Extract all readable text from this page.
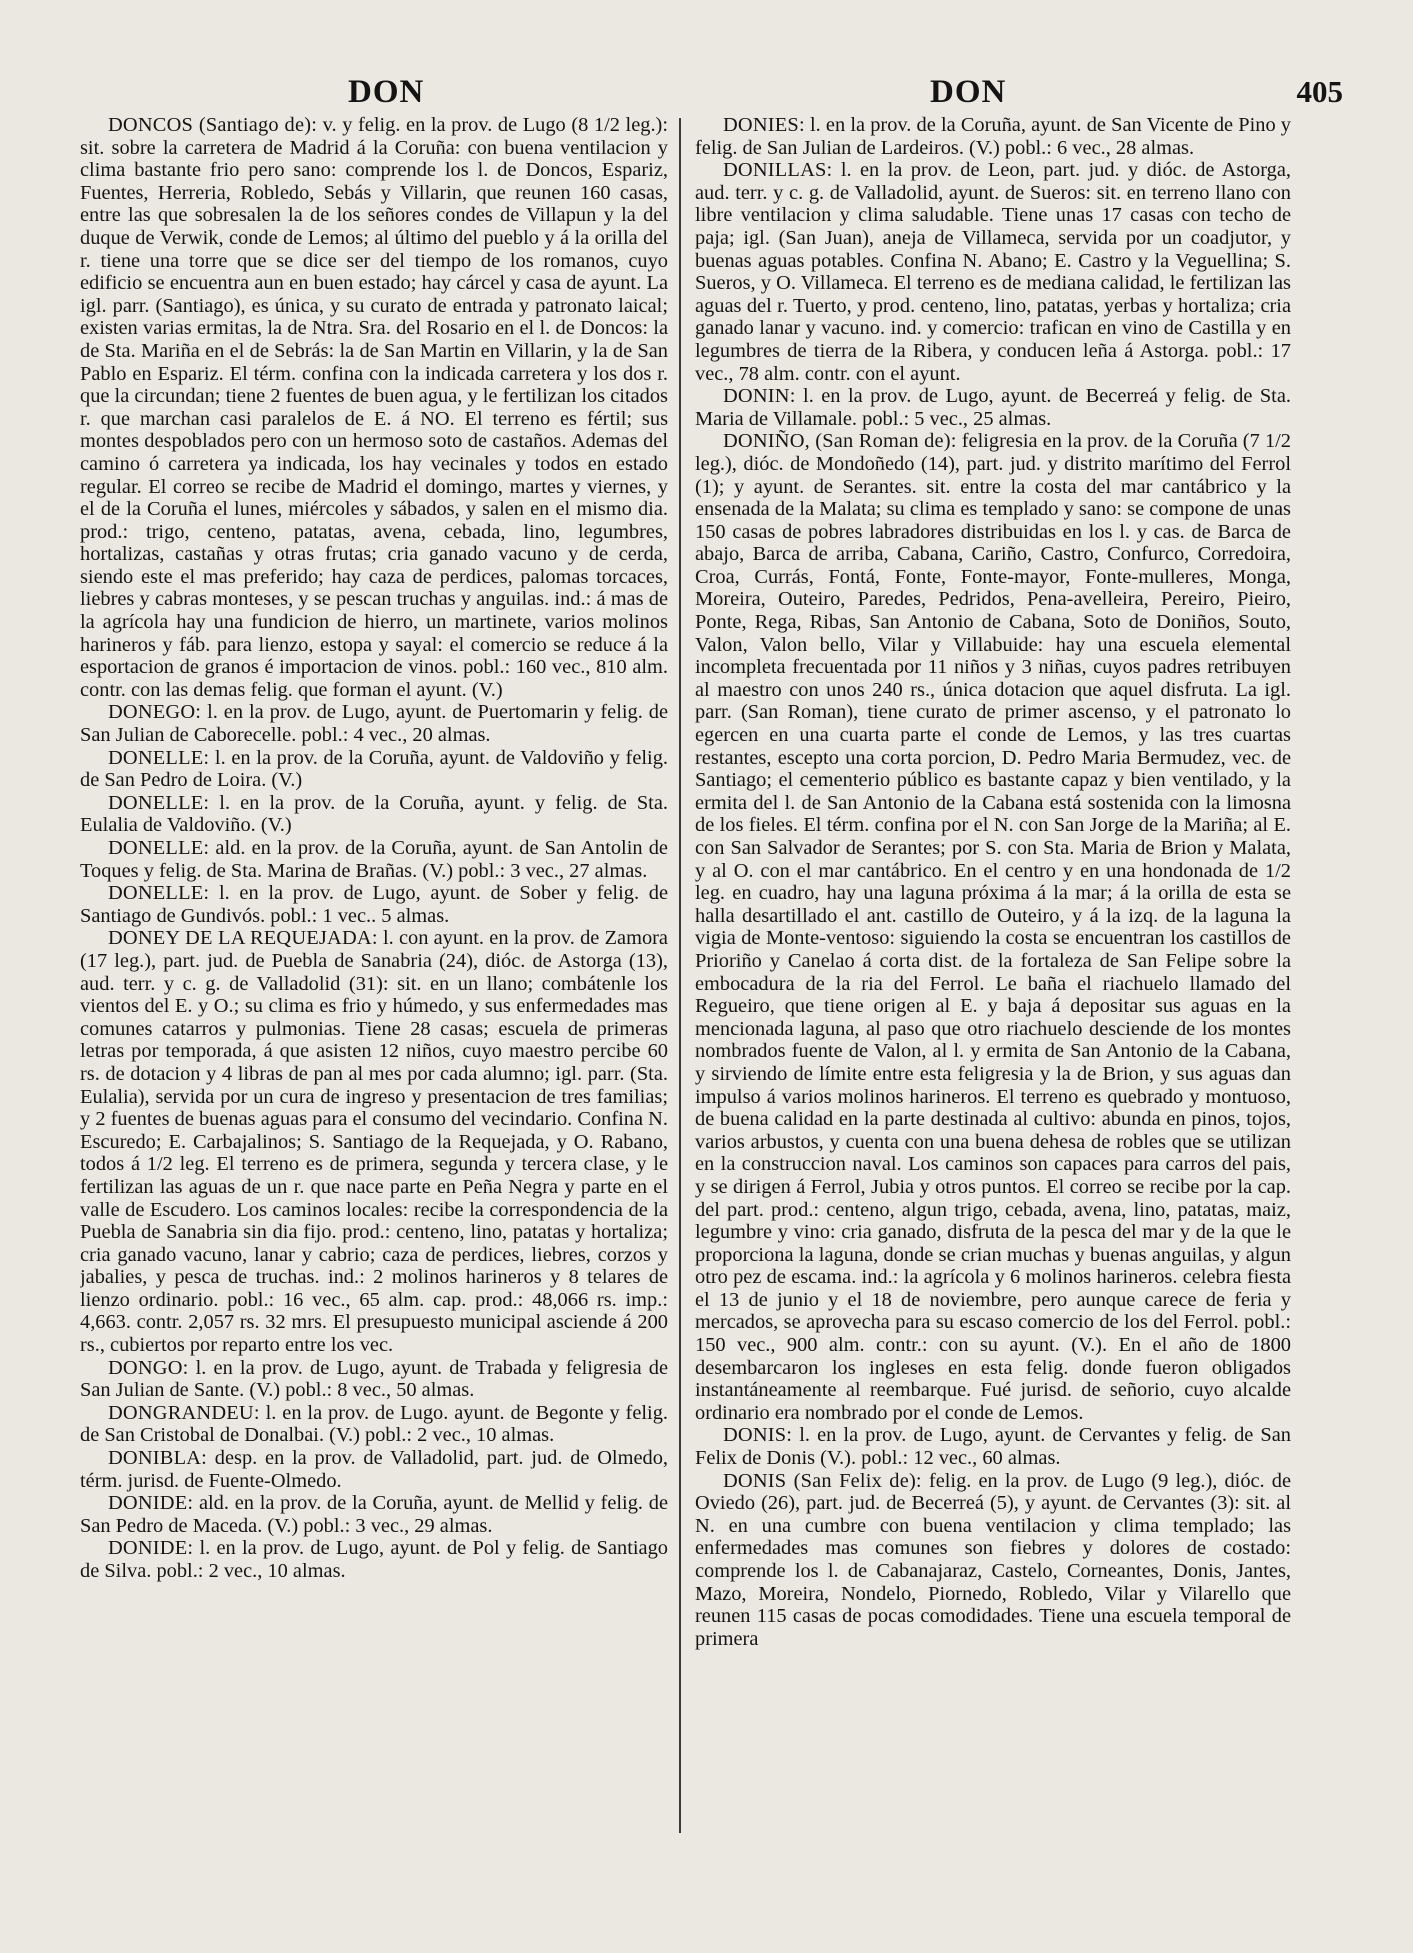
DON	DON	405

DONCOS (Santiago de): v. y felig. en la prov. de Lugo (8 1/2 leg.): sit. sobre la carretera de Madrid á la Coruña: con buena ventilacion y clima bastante frio pero sano: comprende los l. de Doncos, Espariz, Fuentes, Herreria, Robledo, Sebás y Villarin, que reunen 160 casas, entre las que sobresalen la de los señores condes de Villapun y la del duque de Verwik, conde de Lemos; al último del pueblo y á la orilla del r. tiene una torre que se dice ser del tiempo de los romanos, cuyo edificio se encuentra aun en buen estado; hay cárcel y casa de ayunt. La igl. parr. (Santiago), es única, y su curato de entrada y patronato laical; existen varias ermitas, la de Ntra. Sra. del Rosario en el l. de Doncos: la de Sta. Mariña en el de Sebrás: la de San Martin en Villarin, y la de San Pablo en Espariz. El térm. confina con la indicada carretera y los dos r. que la circundan; tiene 2 fuentes de buen agua, y le fertilizan los citados r. que marchan casi paralelos de E. á NO. El terreno es fértil; sus montes despoblados pero con un hermoso soto de castaños. Ademas del camino ó carretera ya indicada, los hay vecinales y todos en estado regular. El correo se recibe de Madrid el domingo, martes y viernes, y el de la Coruña el lunes, miércoles y sábados, y salen en el mismo dia. prod.: trigo, centeno, patatas, avena, cebada, lino, legumbres, hortalizas, castañas y otras frutas; cria ganado vacuno y de cerda, siendo este el mas preferido; hay caza de perdices, palomas torcaces, liebres y cabras monteses, y se pescan truchas y anguilas. ind.: á mas de la agrícola hay una fundicion de hierro, un martinete, varios molinos harineros y fáb. para lienzo, estopa y sayal: el comercio se reduce á la esportacion de granos é importacion de vinos. pobl.: 160 vec., 810 alm. contr. con las demas felig. que forman el ayunt. (V.)

DONEGO: l. en la prov. de Lugo, ayunt. de Puertomarin y felig. de San Julian de Caborecelle. pobl.: 4 vec., 20 almas.

DONELLE: l. en la prov. de la Coruña, ayunt. de Valdoviño y felig. de San Pedro de Loira. (V.)

DONELLE: l. en la prov. de la Coruña, ayunt. y felig. de Sta. Eulalia de Valdoviño. (V.)

DONELLE: ald. en la prov. de la Coruña, ayunt. de San Antolin de Toques y felig. de Sta. Marina de Brañas. (V.) pobl.: 3 vec., 27 almas.

DONELLE: l. en la prov. de Lugo, ayunt. de Sober y felig. de Santiago de Gundivós. pobl.: 1 vec.. 5 almas.

DONEY DE LA REQUEJADA: l. con ayunt. en la prov. de Zamora (17 leg.), part. jud. de Puebla de Sanabria (24), dióc. de Astorga (13), aud. terr. y c. g. de Valladolid (31): sit. en un llano; combátenle los vientos del E. y O.; su clima es frio y húmedo, y sus enfermedades mas comunes catarros y pulmonias. Tiene 28 casas; escuela de primeras letras por temporada, á que asisten 12 niños, cuyo maestro percibe 60 rs. de dotacion y 4 libras de pan al mes por cada alumno; igl. parr. (Sta. Eulalia), servida por un cura de ingreso y presentacion de tres familias; y 2 fuentes de buenas aguas para el consumo del vecindario. Confina N. Escuredo; E. Carbajalinos; S. Santiago de la Requejada, y O. Rabano, todos á 1/2 leg. El terreno es de primera, segunda y tercera clase, y le fertilizan las aguas de un r. que nace parte en Peña Negra y parte en el valle de Escudero. Los caminos locales: recibe la correspondencia de la Puebla de Sanabria sin dia fijo. prod.: centeno, lino, patatas y hortaliza; cria ganado vacuno, lanar y cabrio; caza de perdices, liebres, corzos y jabalies, y pesca de truchas. ind.: 2 molinos harineros y 8 telares de lienzo ordinario. pobl.: 16 vec., 65 alm. cap. prod.: 48,066 rs. imp.: 4,663. contr. 2,057 rs. 32 mrs. El presupuesto municipal asciende á 200 rs., cubiertos por reparto entre los vec.

DONGO: l. en la prov. de Lugo, ayunt. de Trabada y feligresia de San Julian de Sante. (V.) pobl.: 8 vec., 50 almas.

DONGRANDEU: l. en la prov. de Lugo. ayunt. de Begonte y felig. de San Cristobal de Donalbai. (V.) pobl.: 2 vec., 10 almas.

DONIBLA: desp. en la prov. de Valladolid, part. jud. de Olmedo, térm. jurisd. de Fuente-Olmedo.

DONIDE: ald. en la prov. de la Coruña, ayunt. de Mellid y felig. de San Pedro de Maceda. (V.) pobl.: 3 vec., 29 almas.

DONIDE: l. en la prov. de Lugo, ayunt. de Pol y felig. de Santiago de Silva. pobl.: 2 vec., 10 almas.

DONIES: l. en la prov. de la Coruña, ayunt. de San Vicente de Pino y felig. de San Julian de Lardeiros. (V.) pobl.: 6 vec., 28 almas.

DONILLAS: l. en la prov. de Leon, part. jud. y dióc. de Astorga, aud. terr. y c. g. de Valladolid, ayunt. de Sueros: sit. en terreno llano con libre ventilacion y clima saludable. Tiene unas 17 casas con techo de paja; igl. (San Juan), aneja de Villameca, servida por un coadjutor, y buenas aguas potables. Confina N. Abano; E. Castro y la Veguellina; S. Sueros, y O. Villameca. El terreno es de mediana calidad, le fertilizan las aguas del r. Tuerto, y prod. centeno, lino, patatas, yerbas y hortaliza; cria ganado lanar y vacuno. ind. y comercio: trafican en vino de Castilla y en legumbres de tierra de la Ribera, y conducen leña á Astorga. pobl.: 17 vec., 78 alm. contr. con el ayunt.

DONIN: l. en la prov. de Lugo, ayunt. de Becerreá y felig. de Sta. Maria de Villamale. pobl.: 5 vec., 25 almas.

DONIÑO, (San Roman de): feligresia en la prov. de la Coruña (7 1/2 leg.), dióc. de Mondoñedo (14), part. jud. y distrito marítimo del Ferrol (1); y ayunt. de Serantes. sit. entre la costa del mar cantábrico y la ensenada de la Malata; su clima es templado y sano: se compone de unas 150 casas de pobres labradores distribuidas en los l. y cas. de Barca de abajo, Barca de arriba, Cabana, Cariño, Castro, Confurco, Corredoira, Croa, Currás, Fontá, Fonte, Fonte-mayor, Fonte-mulleres, Monga, Moreira, Outeiro, Paredes, Pedridos, Pena-avelleira, Pereiro, Pieiro, Ponte, Rega, Ribas, San Antonio de Cabana, Soto de Doniños, Souto, Valon, Valon bello, Vilar y Villabuide: hay una escuela elemental incompleta frecuentada por 11 niños y 3 niñas, cuyos padres retribuyen al maestro con unos 240 rs., única dotacion que aquel disfruta. La igl. parr. (San Roman), tiene curato de primer ascenso, y el patronato lo egercen en una cuarta parte el conde de Lemos, y las tres cuartas restantes, escepto una corta porcion, D. Pedro Maria Bermudez, vec. de Santiago; el cementerio público es bastante capaz y bien ventilado, y la ermita del l. de San Antonio de la Cabana está sostenida con la limosna de los fieles. El térm. confina por el N. con San Jorge de la Mariña; al E. con San Salvador de Serantes; por S. con Sta. Maria de Brion y Malata, y al O. con el mar cantábrico. En el centro y en una hondonada de 1/2 leg. en cuadro, hay una laguna próxima á la mar; á la orilla de esta se halla desartillado el ant. castillo de Outeiro, y á la izq. de la laguna la vigia de Monte-ventoso: siguiendo la costa se encuentran los castillos de Prioriño y Canelao á corta dist. de la fortaleza de San Felipe sobre la embocadura de la ria del Ferrol. Le baña el riachuelo llamado del Regueiro, que tiene origen al E. y baja á depositar sus aguas en la mencionada laguna, al paso que otro riachuelo desciende de los montes nombrados fuente de Valon, al l. y ermita de San Antonio de la Cabana, y sirviendo de límite entre esta feligresia y la de Brion, y sus aguas dan impulso á varios molinos harineros. El terreno es quebrado y montuoso, de buena calidad en la parte destinada al cultivo: abunda en pinos, tojos, varios arbustos, y cuenta con una buena dehesa de robles que se utilizan en la construccion naval. Los caminos son capaces para carros del pais, y se dirigen á Ferrol, Jubia y otros puntos. El correo se recibe por la cap. del part. prod.: centeno, algun trigo, cebada, avena, lino, patatas, maiz, legumbre y vino: cria ganado, disfruta de la pesca del mar y de la que le proporciona la laguna, donde se crian muchas y buenas anguilas, y algun otro pez de escama. ind.: la agrícola y 6 molinos harineros. celebra fiesta el 13 de junio y el 18 de noviembre, pero aunque carece de feria y mercados, se aprovecha para su escaso comercio de los del Ferrol. pobl.: 150 vec., 900 alm. contr.: con su ayunt. (V.). En el año de 1800 desembarcaron los ingleses en esta felig. donde fueron obligados instantáneamente al reembarque. Fué jurisd. de señorio, cuyo alcalde ordinario era nombrado por el conde de Lemos.

DONIS: l. en la prov. de Lugo, ayunt. de Cervantes y felig. de San Felix de Donis (V.). pobl.: 12 vec., 60 almas.

DONIS (San Felix de): felig. en la prov. de Lugo (9 leg.), dióc. de Oviedo (26), part. jud. de Becerreá (5), y ayunt. de Cervantes (3): sit. al N. en una cumbre con buena ventilacion y clima templado; las enfermedades mas comunes son fiebres y dolores de costado: comprende los l. de Cabanajaraz, Castelo, Corneantes, Donis, Jantes, Mazo, Moreira, Nondelo, Piornedo, Robledo, Vilar y Vilarello que reunen 115 casas de pocas comodidades. Tiene una escuela temporal de primera
